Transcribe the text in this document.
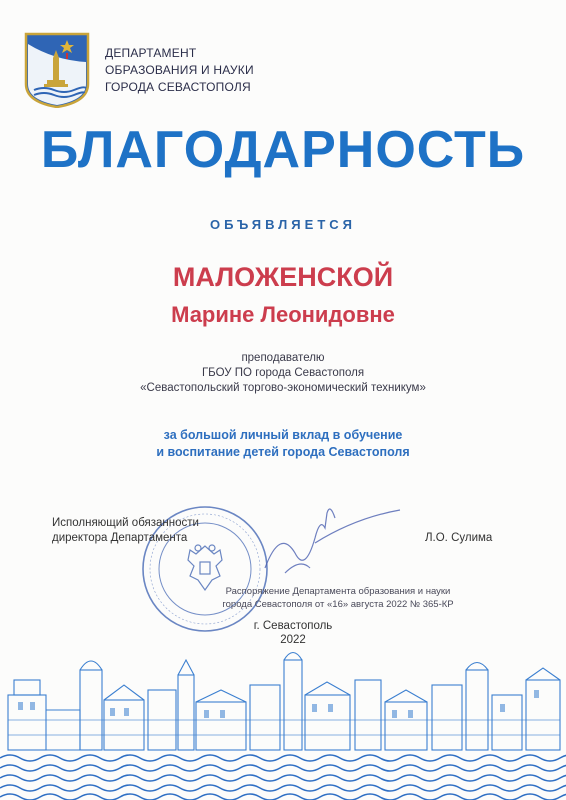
ДЕПАРТАМЕНТ
ОБРАЗОВАНИЯ И НАУКИ
ГОРОДА СЕВАСТОПОЛЯ
БЛАГОДАРНОСТЬ
ОБЪЯВЛЯЕТСЯ
МАЛОЖЕНСКОЙ
Марине Леонидовне
преподавателю
ГБОУ ПО города Севастополя
«Севастопольский торгово-экономический техникум»
за большой личный вклад в обучение
и воспитание детей города Севастополя
Исполняющий обязанности
директора Департамента	Л.О. Сулима
Распоряжение Департамента образования и науки
города Севастополя от «16» августа 2022 № 365-КР
г. Севастополь
2022
